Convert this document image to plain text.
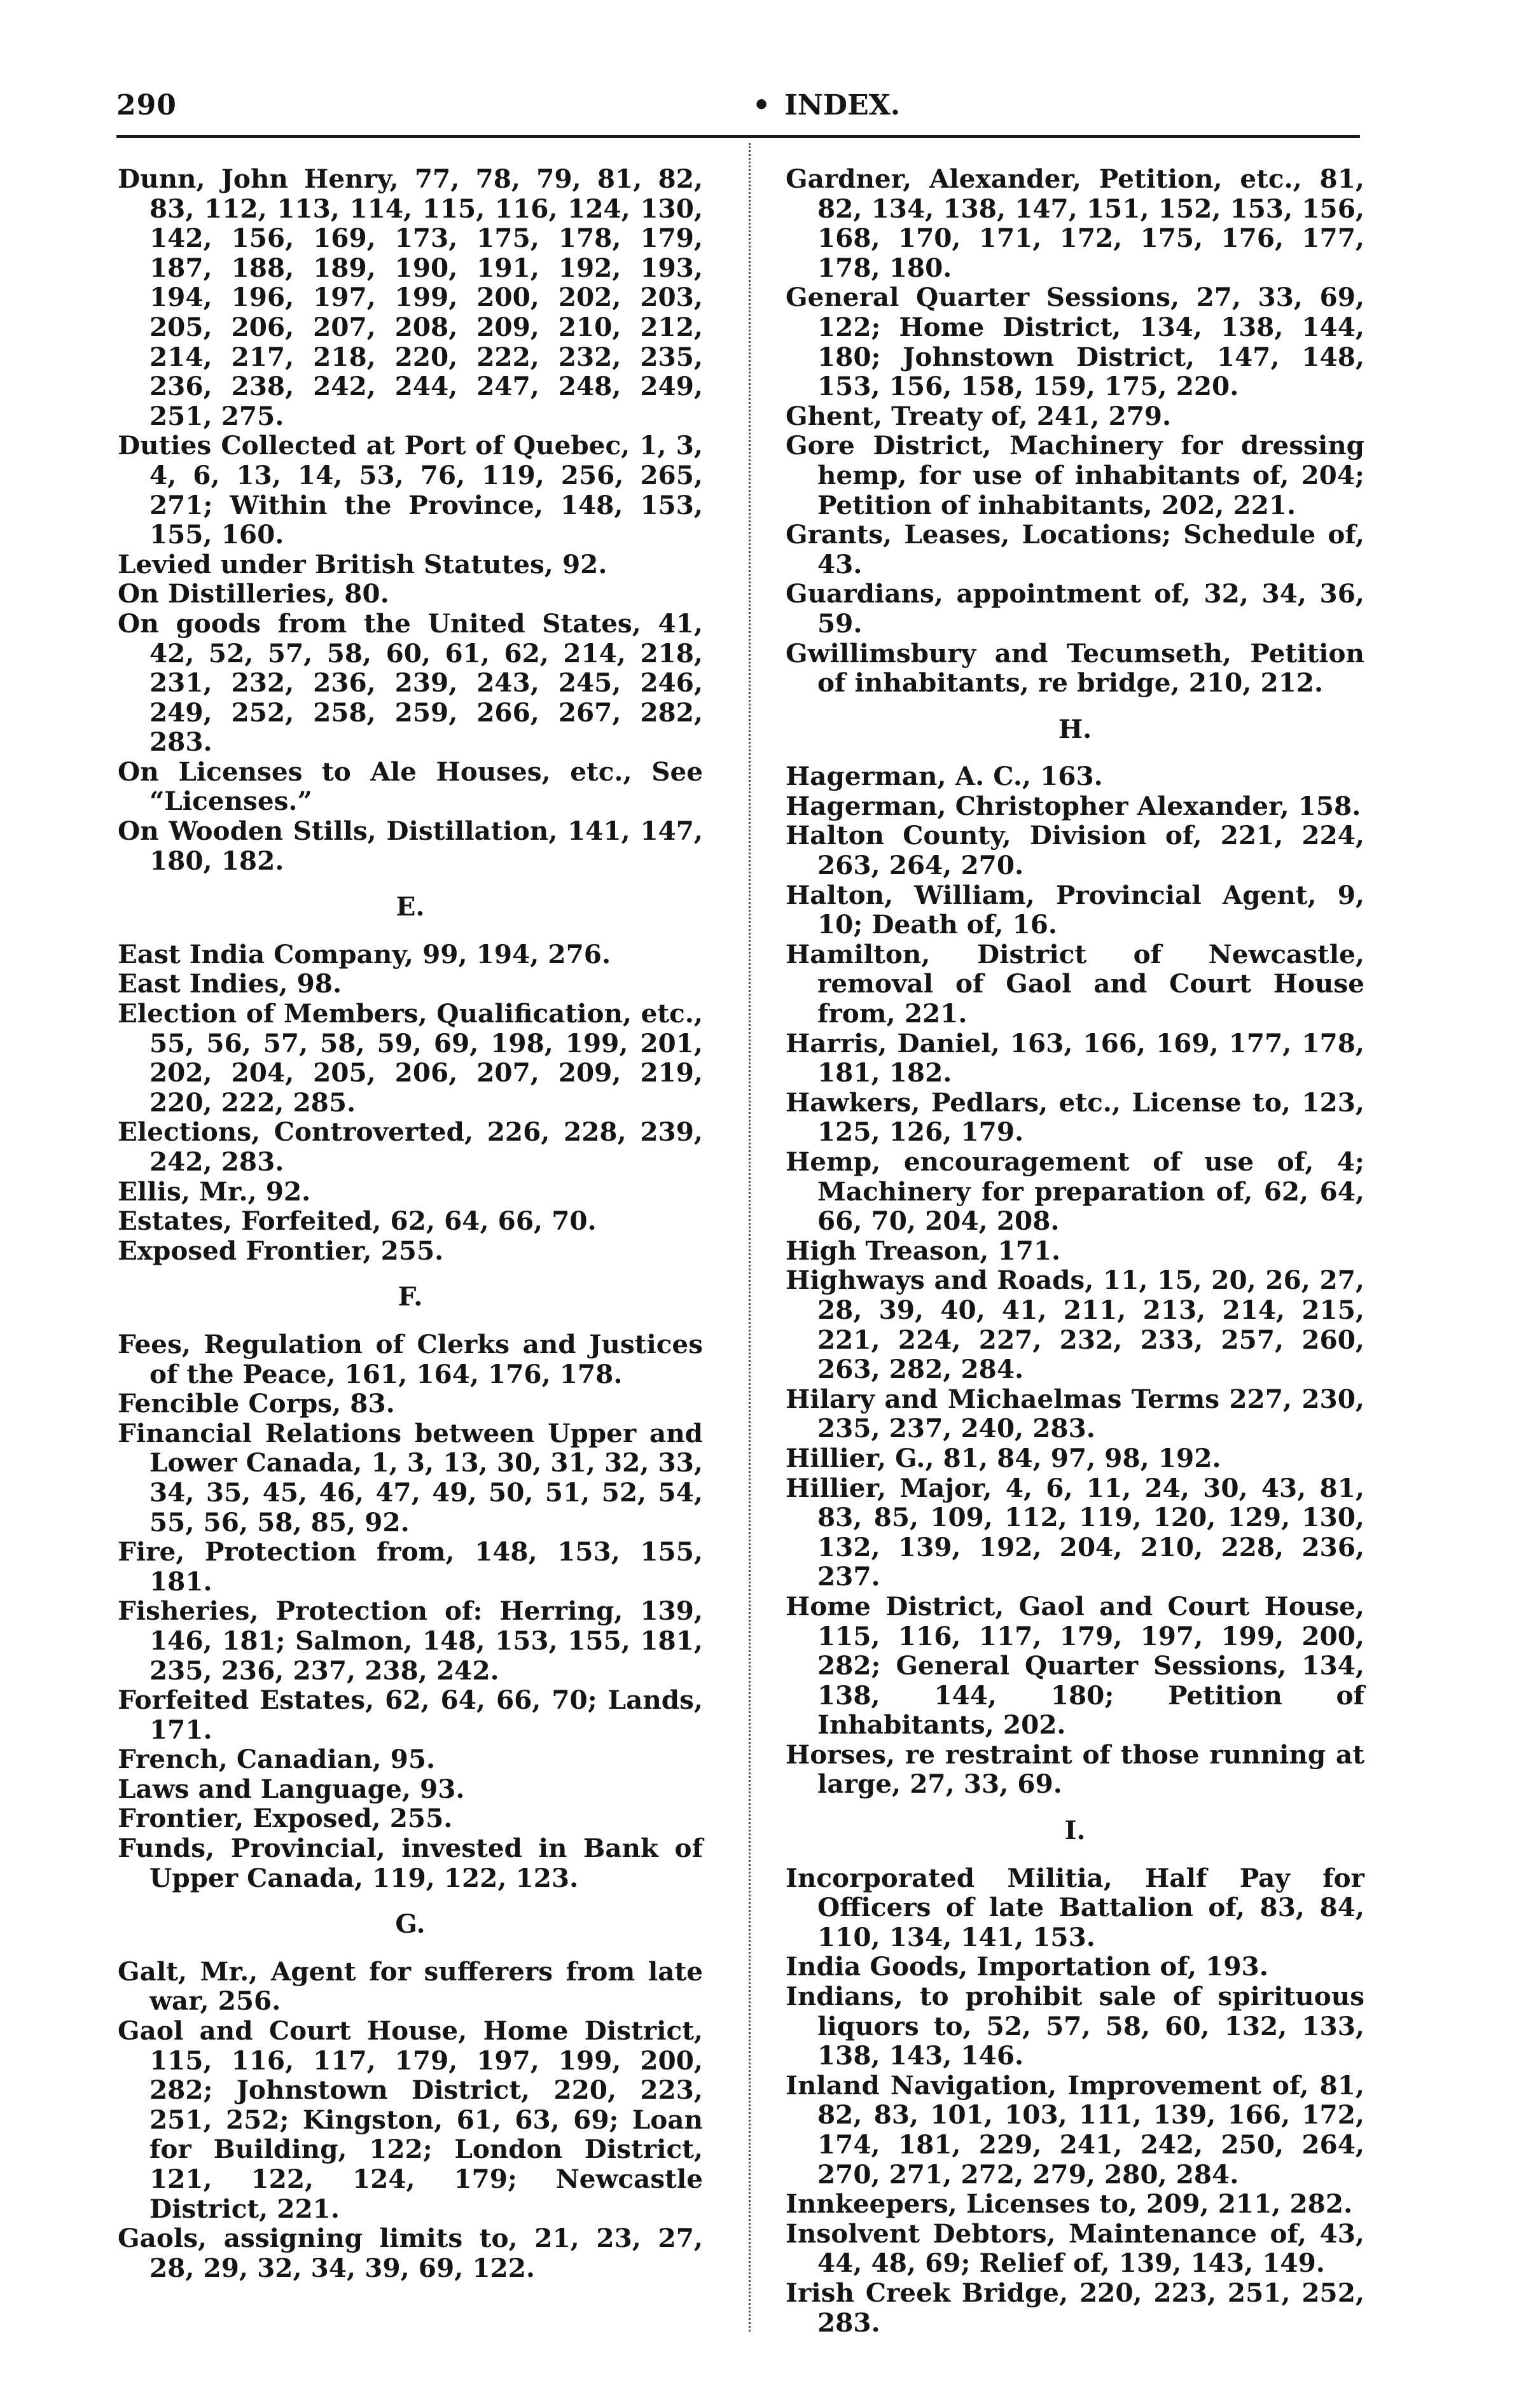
290	• INDEX.
Dunn, John Henry, 77, 78, 79, 81, 82, 83, 112, 113, 114, 115, 116, 124, 130, 142, 156, 169, 173, 175, 178, 179, 187, 188, 189, 190, 191, 192, 193, 194, 196, 197, 199, 200, 202, 203, 205, 206, 207, 208, 209, 210, 212, 214, 217, 218, 220, 222, 232, 235, 236, 238, 242, 244, 247, 248, 249, 251, 275.
Duties Collected at Port of Quebec, 1, 3, 4, 6, 13, 14, 53, 76, 119, 256, 265, 271; Within the Province, 148, 153, 155, 160.
Levied under British Statutes, 92.
On Distilleries, 80.
On goods from the United States, 41, 42, 52, 57, 58, 60, 61, 62, 214, 218, 231, 232, 236, 239, 243, 245, 246, 249, 252, 258, 259, 266, 267, 282, 283.
On Licenses to Ale Houses, etc., See “Licenses.”
On Wooden Stills, Distillation, 141, 147, 180, 182.
E.
East India Company, 99, 194, 276.
East Indies, 98.
Election of Members, Qualification, etc., 55, 56, 57, 58, 59, 69, 198, 199, 201, 202, 204, 205, 206, 207, 209, 219, 220, 222, 285.
Elections, Controverted, 226, 228, 239, 242, 283.
Ellis, Mr., 92.
Estates, Forfeited, 62, 64, 66, 70.
Exposed Frontier, 255.
F.
Fees, Regulation of Clerks and Justices of the Peace, 161, 164, 176, 178.
Fencible Corps, 83.
Financial Relations between Upper and Lower Canada, 1, 3, 13, 30, 31, 32, 33, 34, 35, 45, 46, 47, 49, 50, 51, 52, 54, 55, 56, 58, 85, 92.
Fire, Protection from, 148, 153, 155, 181.
Fisheries, Protection of: Herring, 139, 146, 181; Salmon, 148, 153, 155, 181, 235, 236, 237, 238, 242.
Forfeited Estates, 62, 64, 66, 70; Lands, 171.
French, Canadian, 95.
Laws and Language, 93.
Frontier, Exposed, 255.
Funds, Provincial, invested in Bank of Upper Canada, 119, 122, 123.
G.
Galt, Mr., Agent for sufferers from late war, 256.
Gaol and Court House, Home District, 115, 116, 117, 179, 197, 199, 200, 282; Johnstown District, 220, 223, 251, 252; Kingston, 61, 63, 69; Loan for Building, 122; London District, 121, 122, 124, 179; Newcastle District, 221.
Gaols, assigning limits to, 21, 23, 27, 28, 29, 32, 34, 39, 69, 122.
Gardner, Alexander, Petition, etc., 81, 82, 134, 138, 147, 151, 152, 153, 156, 168, 170, 171, 172, 175, 176, 177, 178, 180.
General Quarter Sessions, 27, 33, 69, 122; Home District, 134, 138, 144, 180; Johnstown District, 147, 148, 153, 156, 158, 159, 175, 220.
Ghent, Treaty of, 241, 279.
Gore District, Machinery for dressing hemp, for use of inhabitants of, 204; Petition of inhabitants, 202, 221.
Grants, Leases, Locations; Schedule of, 43.
Guardians, appointment of, 32, 34, 36, 59.
Gwillimsbury and Tecumseth, Petition of inhabitants, re bridge, 210, 212.
H.
Hagerman, A. C., 163.
Hagerman, Christopher Alexander, 158.
Halton County, Division of, 221, 224, 263, 264, 270.
Halton, William, Provincial Agent, 9, 10; Death of, 16.
Hamilton, District of Newcastle, removal of Gaol and Court House from, 221.
Harris, Daniel, 163, 166, 169, 177, 178, 181, 182.
Hawkers, Pedlars, etc., License to, 123, 125, 126, 179.
Hemp, encouragement of use of, 4; Machinery for preparation of, 62, 64, 66, 70, 204, 208.
High Treason, 171.
Highways and Roads, 11, 15, 20, 26, 27, 28, 39, 40, 41, 211, 213, 214, 215, 221, 224, 227, 232, 233, 257, 260, 263, 282, 284.
Hilary and Michaelmas Terms 227, 230, 235, 237, 240, 283.
Hillier, G., 81, 84, 97, 98, 192.
Hillier, Major, 4, 6, 11, 24, 30, 43, 81, 83, 85, 109, 112, 119, 120, 129, 130, 132, 139, 192, 204, 210, 228, 236, 237.
Home District, Gaol and Court House, 115, 116, 117, 179, 197, 199, 200, 282; General Quarter Sessions, 134, 138, 144, 180; Petition of Inhabitants, 202.
Horses, re restraint of those running at large, 27, 33, 69.
I.
Incorporated Militia, Half Pay for Officers of late Battalion of, 83, 84, 110, 134, 141, 153.
India Goods, Importation of, 193.
Indians, to prohibit sale of spirituous liquors to, 52, 57, 58, 60, 132, 133, 138, 143, 146.
Inland Navigation, Improvement of, 81, 82, 83, 101, 103, 111, 139, 166, 172, 174, 181, 229, 241, 242, 250, 264, 270, 271, 272, 279, 280, 284.
Innkeepers, Licenses to, 209, 211, 282.
Insolvent Debtors, Maintenance of, 43, 44, 48, 69; Relief of, 139, 143, 149.
Irish Creek Bridge, 220, 223, 251, 252, 283.
